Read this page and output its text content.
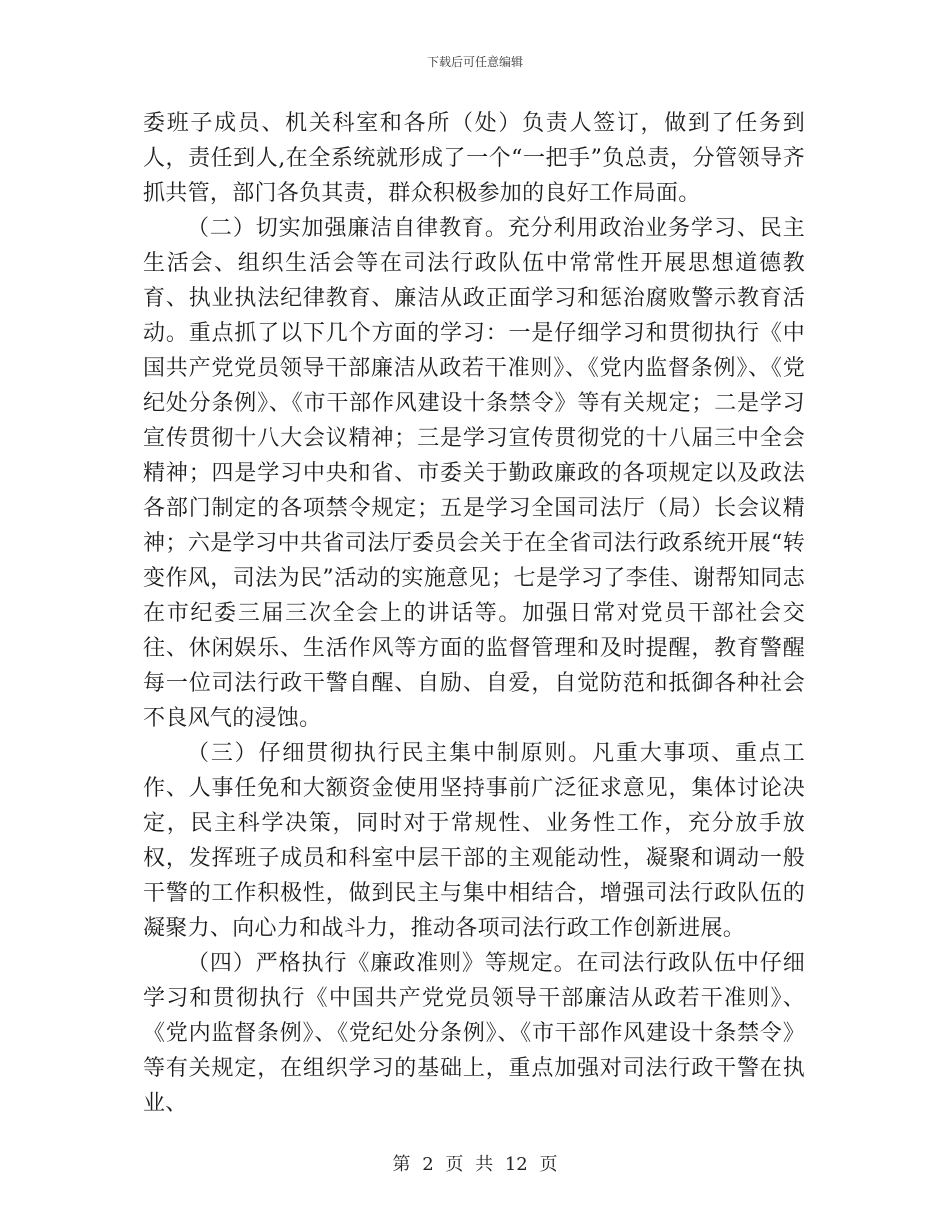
下载后可任意编辑

委班子成员、机关科室和各所（处）负责人签订，做到了任务到人，责任到人,在全系统就形成了一个“一把手”负总责，分管领导齐抓共管，部门各负其责，群众积极参加的良好工作局面。

（二）切实加强廉洁自律教育。充分利用政治业务学习、民主生活会、组织生活会等在司法行政队伍中常常性开展思想道德教育、执业执法纪律教育、廉洁从政正面学习和惩治腐败警示教育活动。重点抓了以下几个方面的学习：一是仔细学习和贯彻执行《中国共产党党员领导干部廉洁从政若干准则》、《党内监督条例》、《党纪处分条例》、《市干部作风建设十条禁令》等有关规定；二是学习宣传贯彻十八大会议精神；三是学习宣传贯彻党的十八届三中全会精神；四是学习中央和省、市委关于勤政廉政的各项规定以及政法各部门制定的各项禁令规定；五是学习全国司法厅（局）长会议精神；六是学习中共省司法厅委员会关于在全省司法行政系统开展“转变作风，司法为民”活动的实施意见；七是学习了李佳、谢帮知同志在市纪委三届三次全会上的讲话等。加强日常对党员干部社会交往、休闲娱乐、生活作风等方面的监督管理和及时提醒，教育警醒每一位司法行政干警自醒、自励、自爱，自觉防范和抵御各种社会不良风气的浸蚀。

（三）仔细贯彻执行民主集中制原则。凡重大事项、重点工作、人事任免和大额资金使用坚持事前广泛征求意见，集体讨论决定，民主科学决策，同时对于常规性、业务性工作，充分放手放权，发挥班子成员和科室中层干部的主观能动性，凝聚和调动一般干警的工作积极性，做到民主与集中相结合，增强司法行政队伍的凝聚力、向心力和战斗力，推动各项司法行政工作创新进展。

（四）严格执行《廉政准则》等规定。在司法行政队伍中仔细学习和贯彻执行《中国共产党党员领导干部廉洁从政若干准则》、《党内监督条例》、《党纪处分条例》、《市干部作风建设十条禁令》等有关规定，在组织学习的基础上，重点加强对司法行政干警在执业、

第 2 页 共 12 页
